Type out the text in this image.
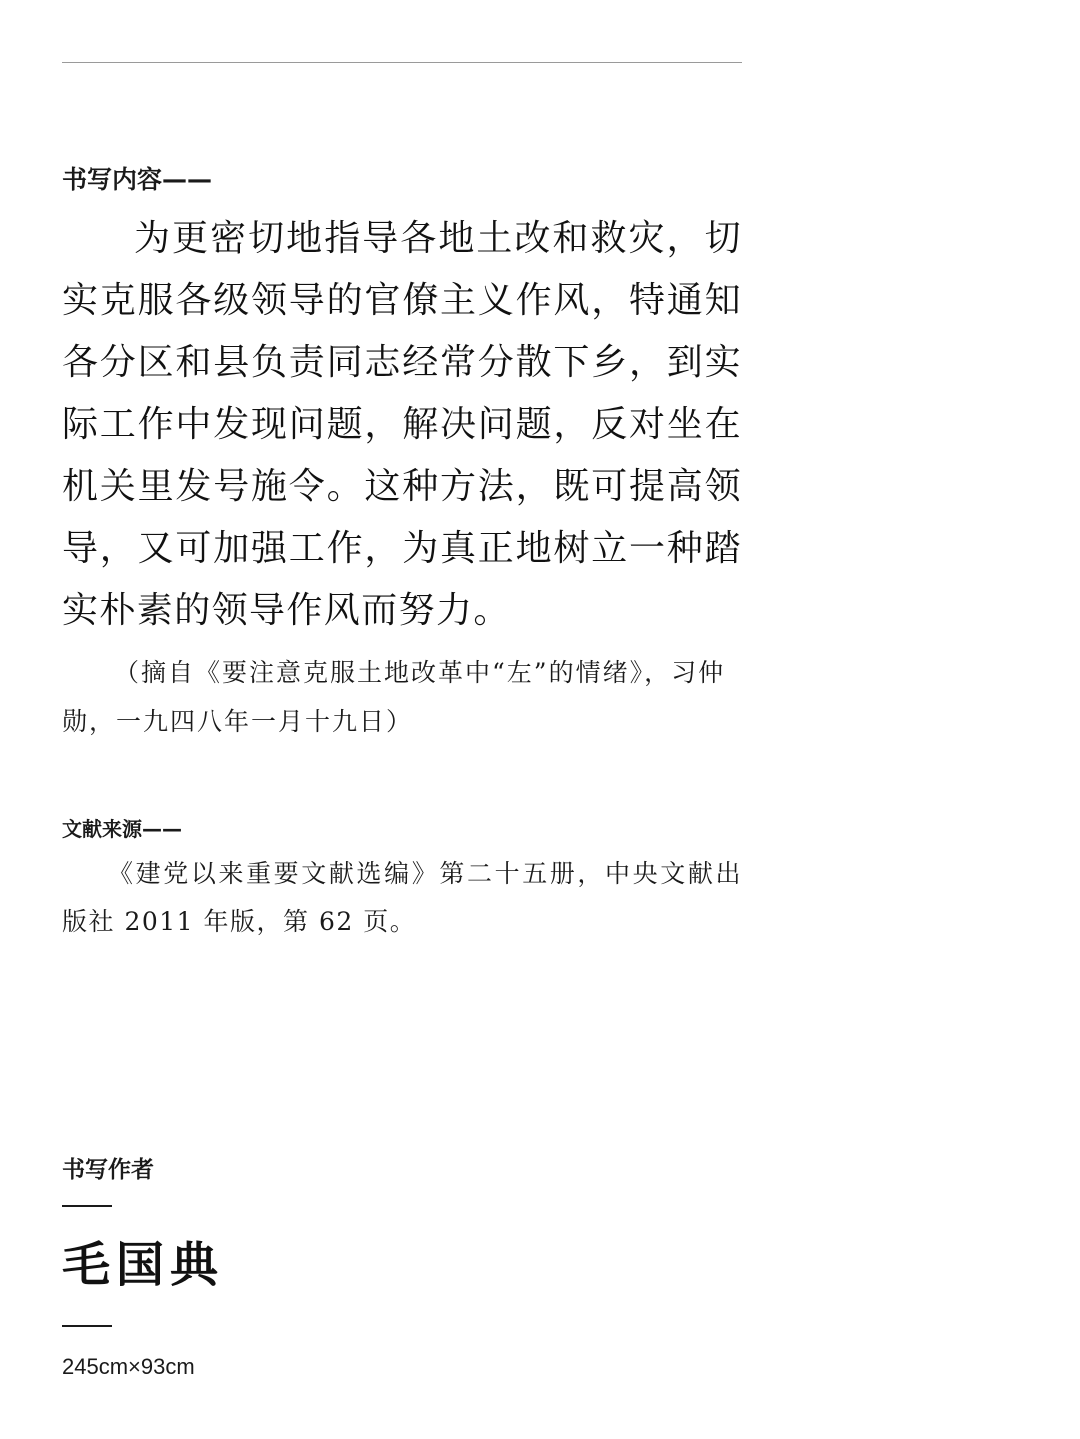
书写内容——

为更密切地指导各地土改和救灾，切实克服各级领导的官僚主义作风，特通知各分区和县负责同志经常分散下乡，到实际工作中发现问题，解决问题，反对坐在机关里发号施令。这种方法，既可提高领导，又可加强工作，为真正地树立一种踏实朴素的领导作风而努力。

（摘自《要注意克服土地改革中“左”的情绪》，习仲勋，一九四八年一月十九日）

文献来源——

《建党以来重要文献选编》第二十五册，中央文献出版社 2011 年版，第 62 页。

书写作者

毛国典

245cm×93cm
